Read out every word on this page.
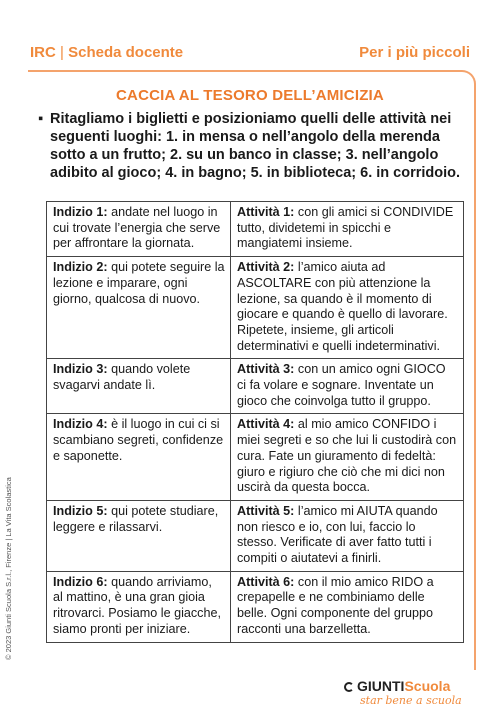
IRC | Scheda docente	Per i più piccoli
CACCIA AL TESORO DELL’AMICIZIA
▪ Ritagliamo i biglietti e posizioniamo quelli delle attività nei seguenti luoghi: 1. in mensa o nell’angolo della merenda sotto a un frutto; 2. su un banco in classe; 3. nell’angolo adibito al gioco; 4. in bagno; 5. in biblioteca; 6. in corridoio.
Indizio 1: andate nel luogo in cui trovate l’energia che serve per affrontare la giornata.	Attività 1: con gli amici si CONDIVIDE tutto, dividetemi in spicchi e mangiatemi insieme.
Indizio 2: qui potete seguire la lezione e imparare, ogni giorno, qualcosa di nuovo.	Attività 2: l’amico aiuta ad ASCOLTARE con più attenzione la lezione, sa quando è il momento di giocare e quando è quello di lavorare. Ripetete, insieme, gli articoli determinativi e quelli indeterminativi.
Indizio 3: quando volete svagarvi andate lì.	Attività 3: con un amico ogni GIOCO ci fa volare e sognare. Inventate un gioco che coinvolga tutto il gruppo.
Indizio 4: è il luogo in cui ci si scambiano segreti, confidenze e saponette.	Attività 4: al mio amico CONFIDO i miei segreti e so che lui li custodirà con cura. Fate un giuramento di fedeltà: giuro e rigiuro che ciò che mi dici non uscirà da questa bocca.
Indizio 5: qui potete studiare, leggere e rilassarvi.	Attività 5: l’amico mi AIUTA quando non riesco e io, con lui, faccio lo stesso. Verificate di aver fatto tutti i compiti o aiutatevi a finirli.
Indizio 6: quando arriviamo, al mattino, è una gran gioia ritrovarci. Posiamo le giacche, siamo pronti per iniziare.	Attività 6: con il mio amico RIDO a crepapelle e ne combiniamo delle belle. Ogni componente del gruppo racconti una barzelletta.
© 2023 Giunti Scuola S.r.l., Firenze | La Vita Scolastica
GIUNTIScuola
star bene a scuola
